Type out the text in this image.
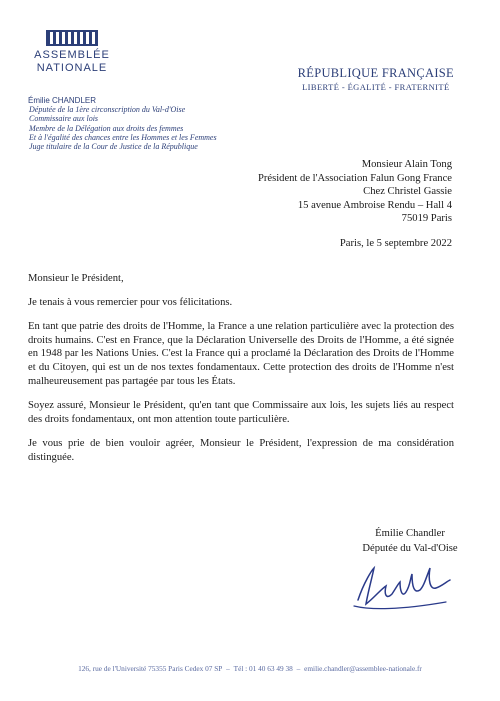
ASSEMBLÉE
NATIONALE	RÉPUBLIQUE FRANÇAISE
LIBERTÉ - ÉGALITÉ - FRATERNITÉ
Émilie CHANDLER
Députée de la 1ère circonscription du Val-d'Oise
Commissaire aux lois
Membre de la Délégation aux droits des femmes
Et à l'égalité des chances entre les Hommes et les Femmes
Juge titulaire de la Cour de Justice de la République
Monsieur Alain Tong
Président de l'Association Falun Gong France
Chez Christel Gassie
15 avenue Ambroise Rendu – Hall 4
75019 Paris
Paris, le 5 septembre 2022

Monsieur le Président,

Je tenais à vous remercier pour vos félicitations.

En tant que patrie des droits de l'Homme, la France a une relation particulière avec la protection des droits humains. C'est en France, que la Déclaration Universelle des Droits de l'Homme, a été signée en 1948 par les Nations Unies. C'est la France qui a proclamé la Déclaration des Droits de l'Homme et du Citoyen, qui est un de nos textes fondamentaux. Cette protection des droits de l'Homme n'est malheureusement pas partagée par tous les États.

Soyez assuré, Monsieur le Président, qu'en tant que Commissaire aux lois, les sujets liés au respect des droits fondamentaux, ont mon attention toute particulière.

Je vous prie de bien vouloir agréer, Monsieur le Président, l'expression de ma considération distinguée.

Émilie Chandler
Députée du Val-d'Oise
126, rue de l'Université 75355 Paris Cedex 07 SP – Tél : 01 40 63 49 38 – emilie.chandler@assemblee-nationale.fr
